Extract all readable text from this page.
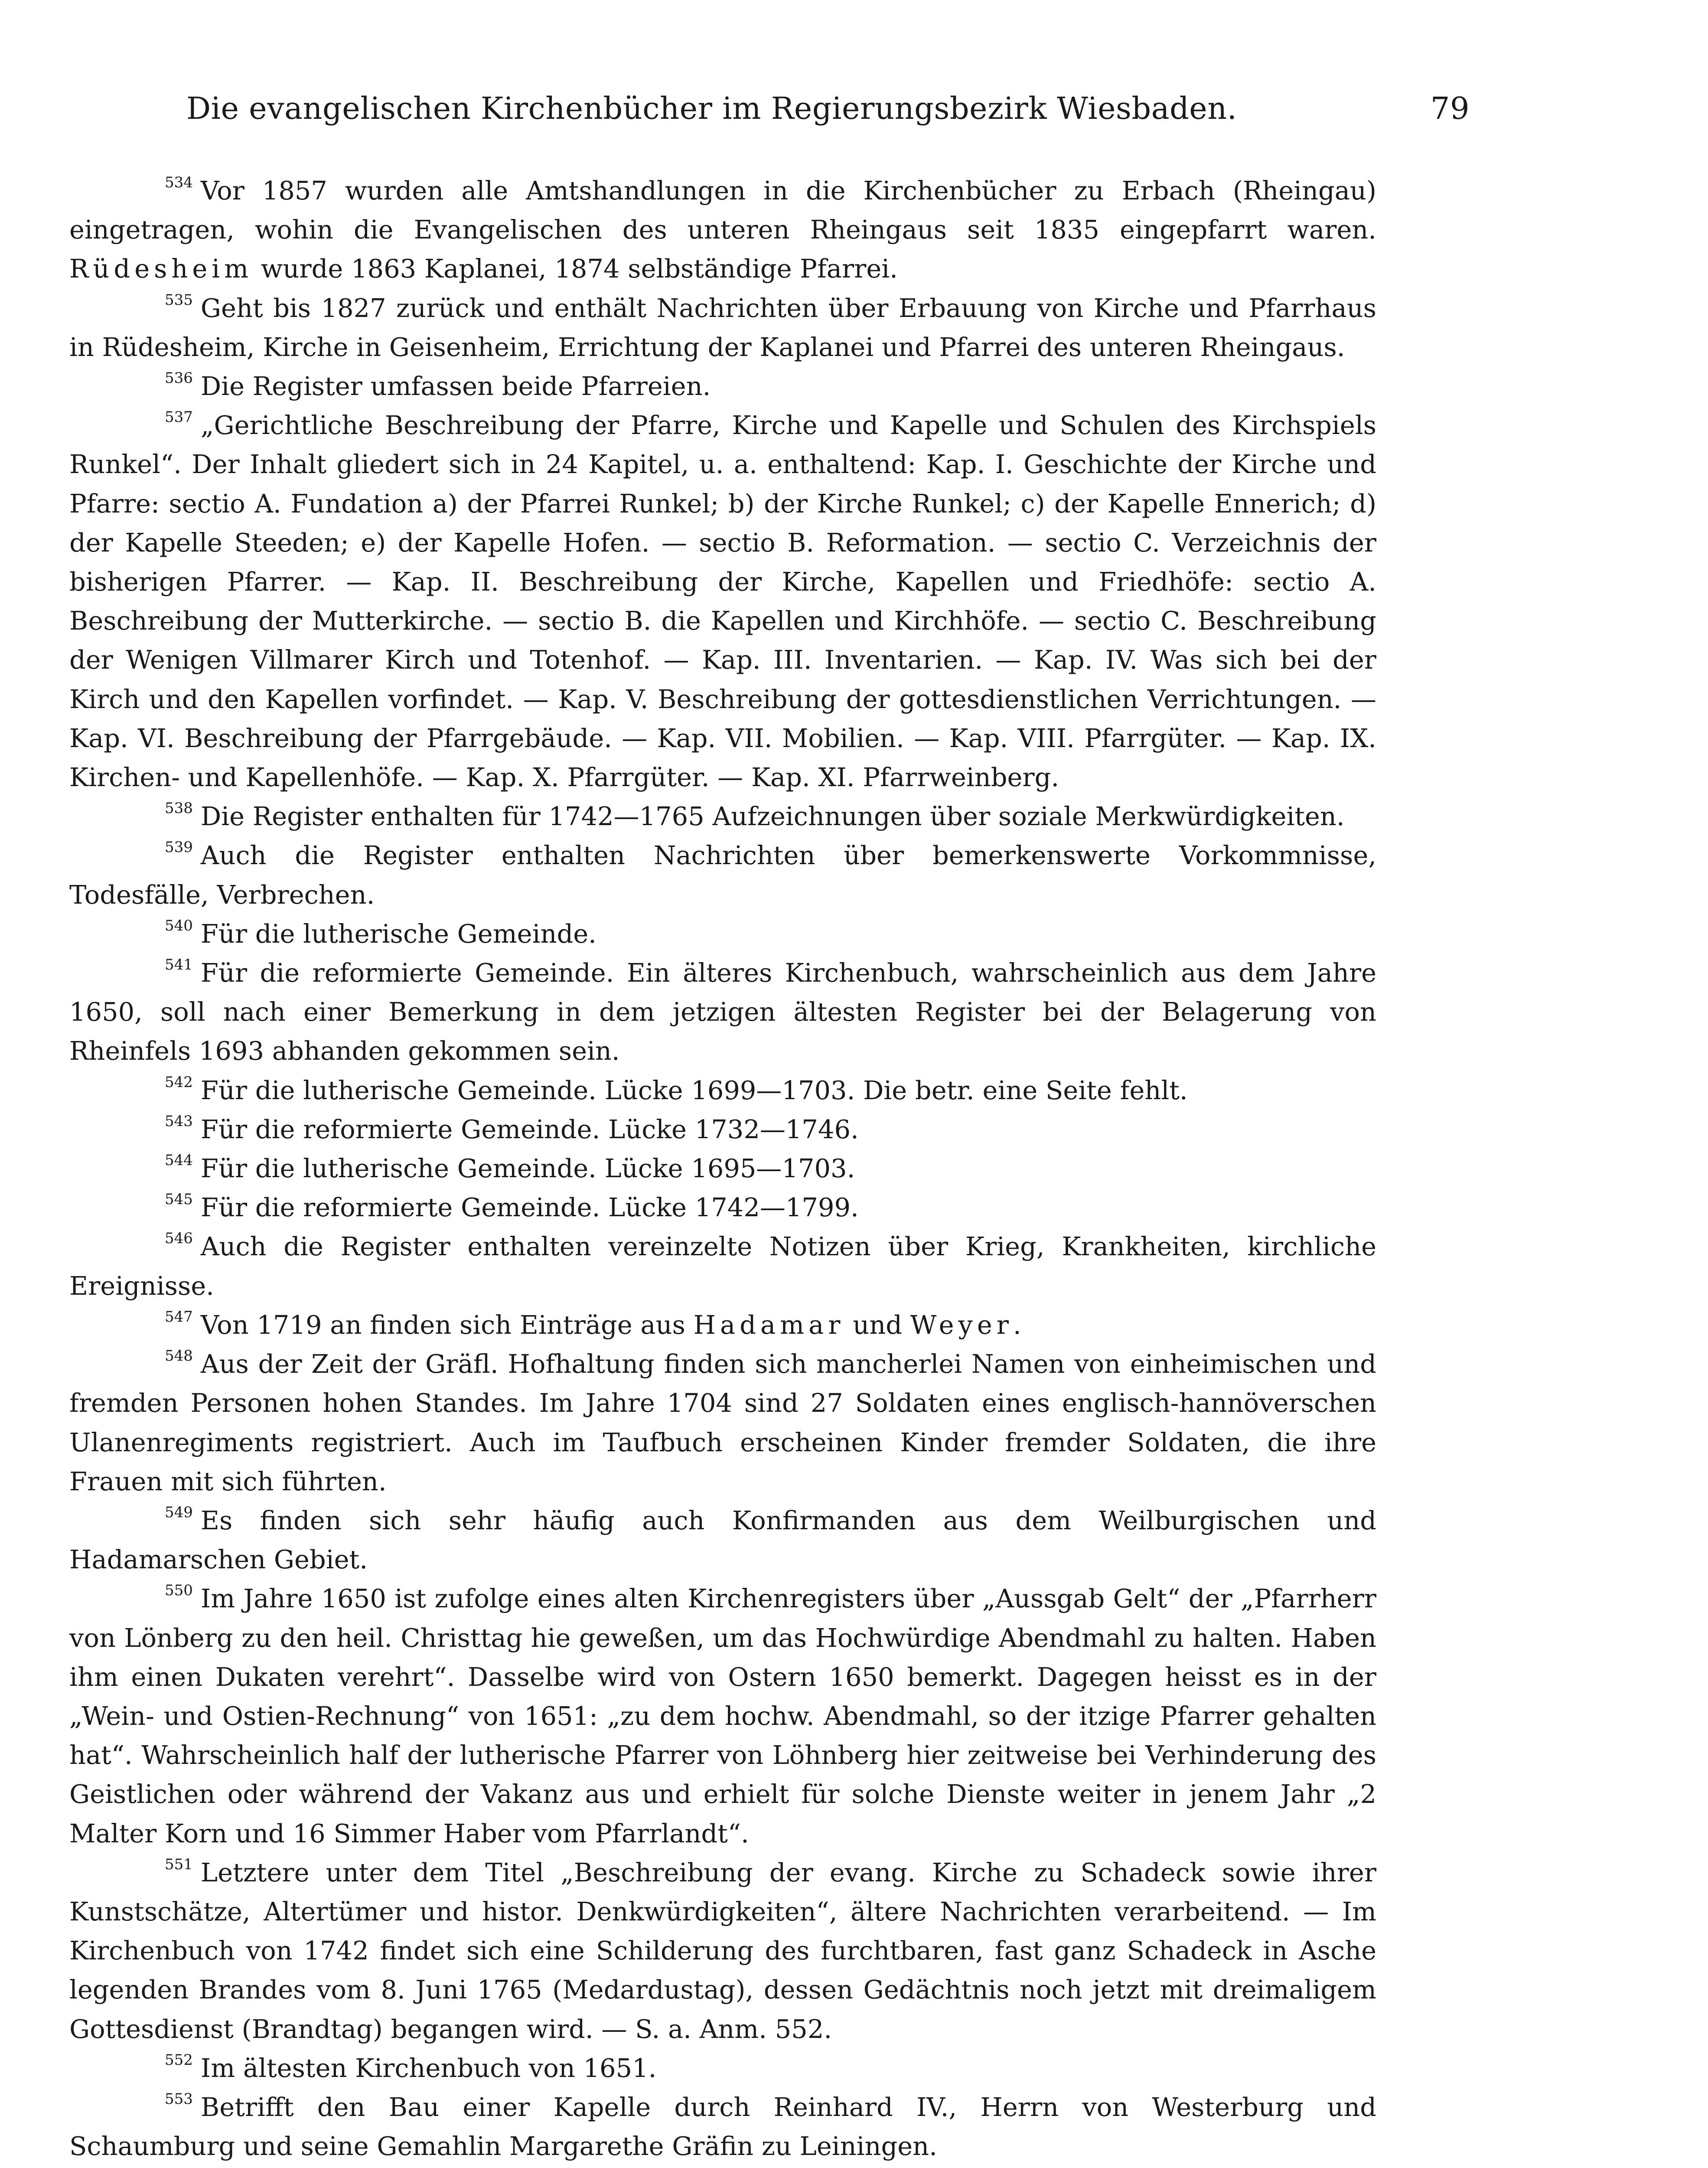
Die evangelischen Kirchenbücher im Regierungsbezirk Wiesbaden.	79

$^{534}$ Vor 1857 wurden alle Amtshandlungen in die Kirchenbücher zu Erbach (Rheingau) eingetragen, wohin die Evangelischen des unteren Rheingaus seit 1835 eingepfarrt waren. Rüdesheim wurde 1863 Kaplanei, 1874 selbständige Pfarrei.

$^{535}$ Geht bis 1827 zurück und enthält Nachrichten über Erbauung von Kirche und Pfarrhaus in Rüdesheim, Kirche in Geisenheim, Errichtung der Kaplanei und Pfarrei des unteren Rheingaus.

$^{536}$ Die Register umfassen beide Pfarreien.

$^{537}$ „Gerichtliche Beschreibung der Pfarre, Kirche und Kapelle und Schulen des Kirchspiels Runkel“. Der Inhalt gliedert sich in 24 Kapitel, u. a. enthaltend: Kap. I. Geschichte der Kirche und Pfarre: sectio A. Fundation a) der Pfarrei Runkel; b) der Kirche Runkel; c) der Kapelle Ennerich; d) der Kapelle Steeden; e) der Kapelle Hofen. — sectio B. Reformation. — sectio C. Verzeichnis der bisherigen Pfarrer. — Kap. II. Beschreibung der Kirche, Kapellen und Friedhöfe: sectio A. Beschreibung der Mutterkirche. — sectio B. die Kapellen und Kirchhöfe. — sectio C. Beschreibung der Wenigen Villmarer Kirch und Totenhof. — Kap. III. Inventarien. — Kap. IV. Was sich bei der Kirch und den Kapellen vorfindet. — Kap. V. Beschreibung der gottesdienstlichen Verrichtungen. — Kap. VI. Beschreibung der Pfarrgebäude. — Kap. VII. Mobilien. — Kap. VIII. Pfarrgüter. — Kap. IX. Kirchen- und Kapellenhöfe. — Kap. X. Pfarrgüter. — Kap. XI. Pfarrweinberg.

$^{538}$ Die Register enthalten für 1742—1765 Aufzeichnungen über soziale Merkwürdigkeiten.

$^{539}$ Auch die Register enthalten Nachrichten über bemerkenswerte Vorkommnisse, Todesfälle, Verbrechen.

$^{540}$ Für die lutherische Gemeinde.

$^{541}$ Für die reformierte Gemeinde. Ein älteres Kirchenbuch, wahrscheinlich aus dem Jahre 1650, soll nach einer Bemerkung in dem jetzigen ältesten Register bei der Belagerung von Rheinfels 1693 abhanden gekommen sein.

$^{542}$ Für die lutherische Gemeinde. Lücke 1699—1703. Die betr. eine Seite fehlt.

$^{543}$ Für die reformierte Gemeinde. Lücke 1732—1746.

$^{544}$ Für die lutherische Gemeinde. Lücke 1695—1703.

$^{545}$ Für die reformierte Gemeinde. Lücke 1742—1799.

$^{546}$ Auch die Register enthalten vereinzelte Notizen über Krieg, Krankheiten, kirchliche Ereignisse.

$^{547}$ Von 1719 an finden sich Einträge aus Hadamar und Weyer.

$^{548}$ Aus der Zeit der Gräfl. Hofhaltung finden sich mancherlei Namen von einheimischen und fremden Personen hohen Standes. Im Jahre 1704 sind 27 Soldaten eines englisch-hannöverschen Ulanenregiments registriert. Auch im Taufbuch erscheinen Kinder fremder Soldaten, die ihre Frauen mit sich führten.

$^{549}$ Es finden sich sehr häufig auch Konfirmanden aus dem Weilburgischen und Hadamarschen Gebiet.

$^{550}$ Im Jahre 1650 ist zufolge eines alten Kirchenregisters über „Aussgab Gelt“ der „Pfarrherr von Lönberg zu den heil. Christtag hie geweßen, um das Hochwürdige Abendmahl zu halten. Haben ihm einen Dukaten verehrt“. Dasselbe wird von Ostern 1650 bemerkt. Dagegen heisst es in der „Wein- und Ostien-Rechnung“ von 1651: „zu dem hochw. Abendmahl, so der itzige Pfarrer gehalten hat“. Wahrscheinlich half der lutherische Pfarrer von Löhnberg hier zeitweise bei Verhinderung des Geistlichen oder während der Vakanz aus und erhielt für solche Dienste weiter in jenem Jahr „2 Malter Korn und 16 Simmer Haber vom Pfarrlandt“.

$^{551}$ Letztere unter dem Titel „Beschreibung der evang. Kirche zu Schadeck sowie ihrer Kunstschätze, Altertümer und histor. Denkwürdigkeiten“, ältere Nachrichten verarbeitend. — Im Kirchenbuch von 1742 findet sich eine Schilderung des furchtbaren, fast ganz Schadeck in Asche legenden Brandes vom 8. Juni 1765 (Medardustag), dessen Gedächtnis noch jetzt mit dreimaligem Gottesdienst (Brandtag) begangen wird. — S. a. Anm. 552.

$^{552}$ Im ältesten Kirchenbuch von 1651.

$^{553}$ Betrifft den Bau einer Kapelle durch Reinhard IV., Herrn von Westerburg und Schaumburg und seine Gemahlin Margarethe Gräfin zu Leiningen.
